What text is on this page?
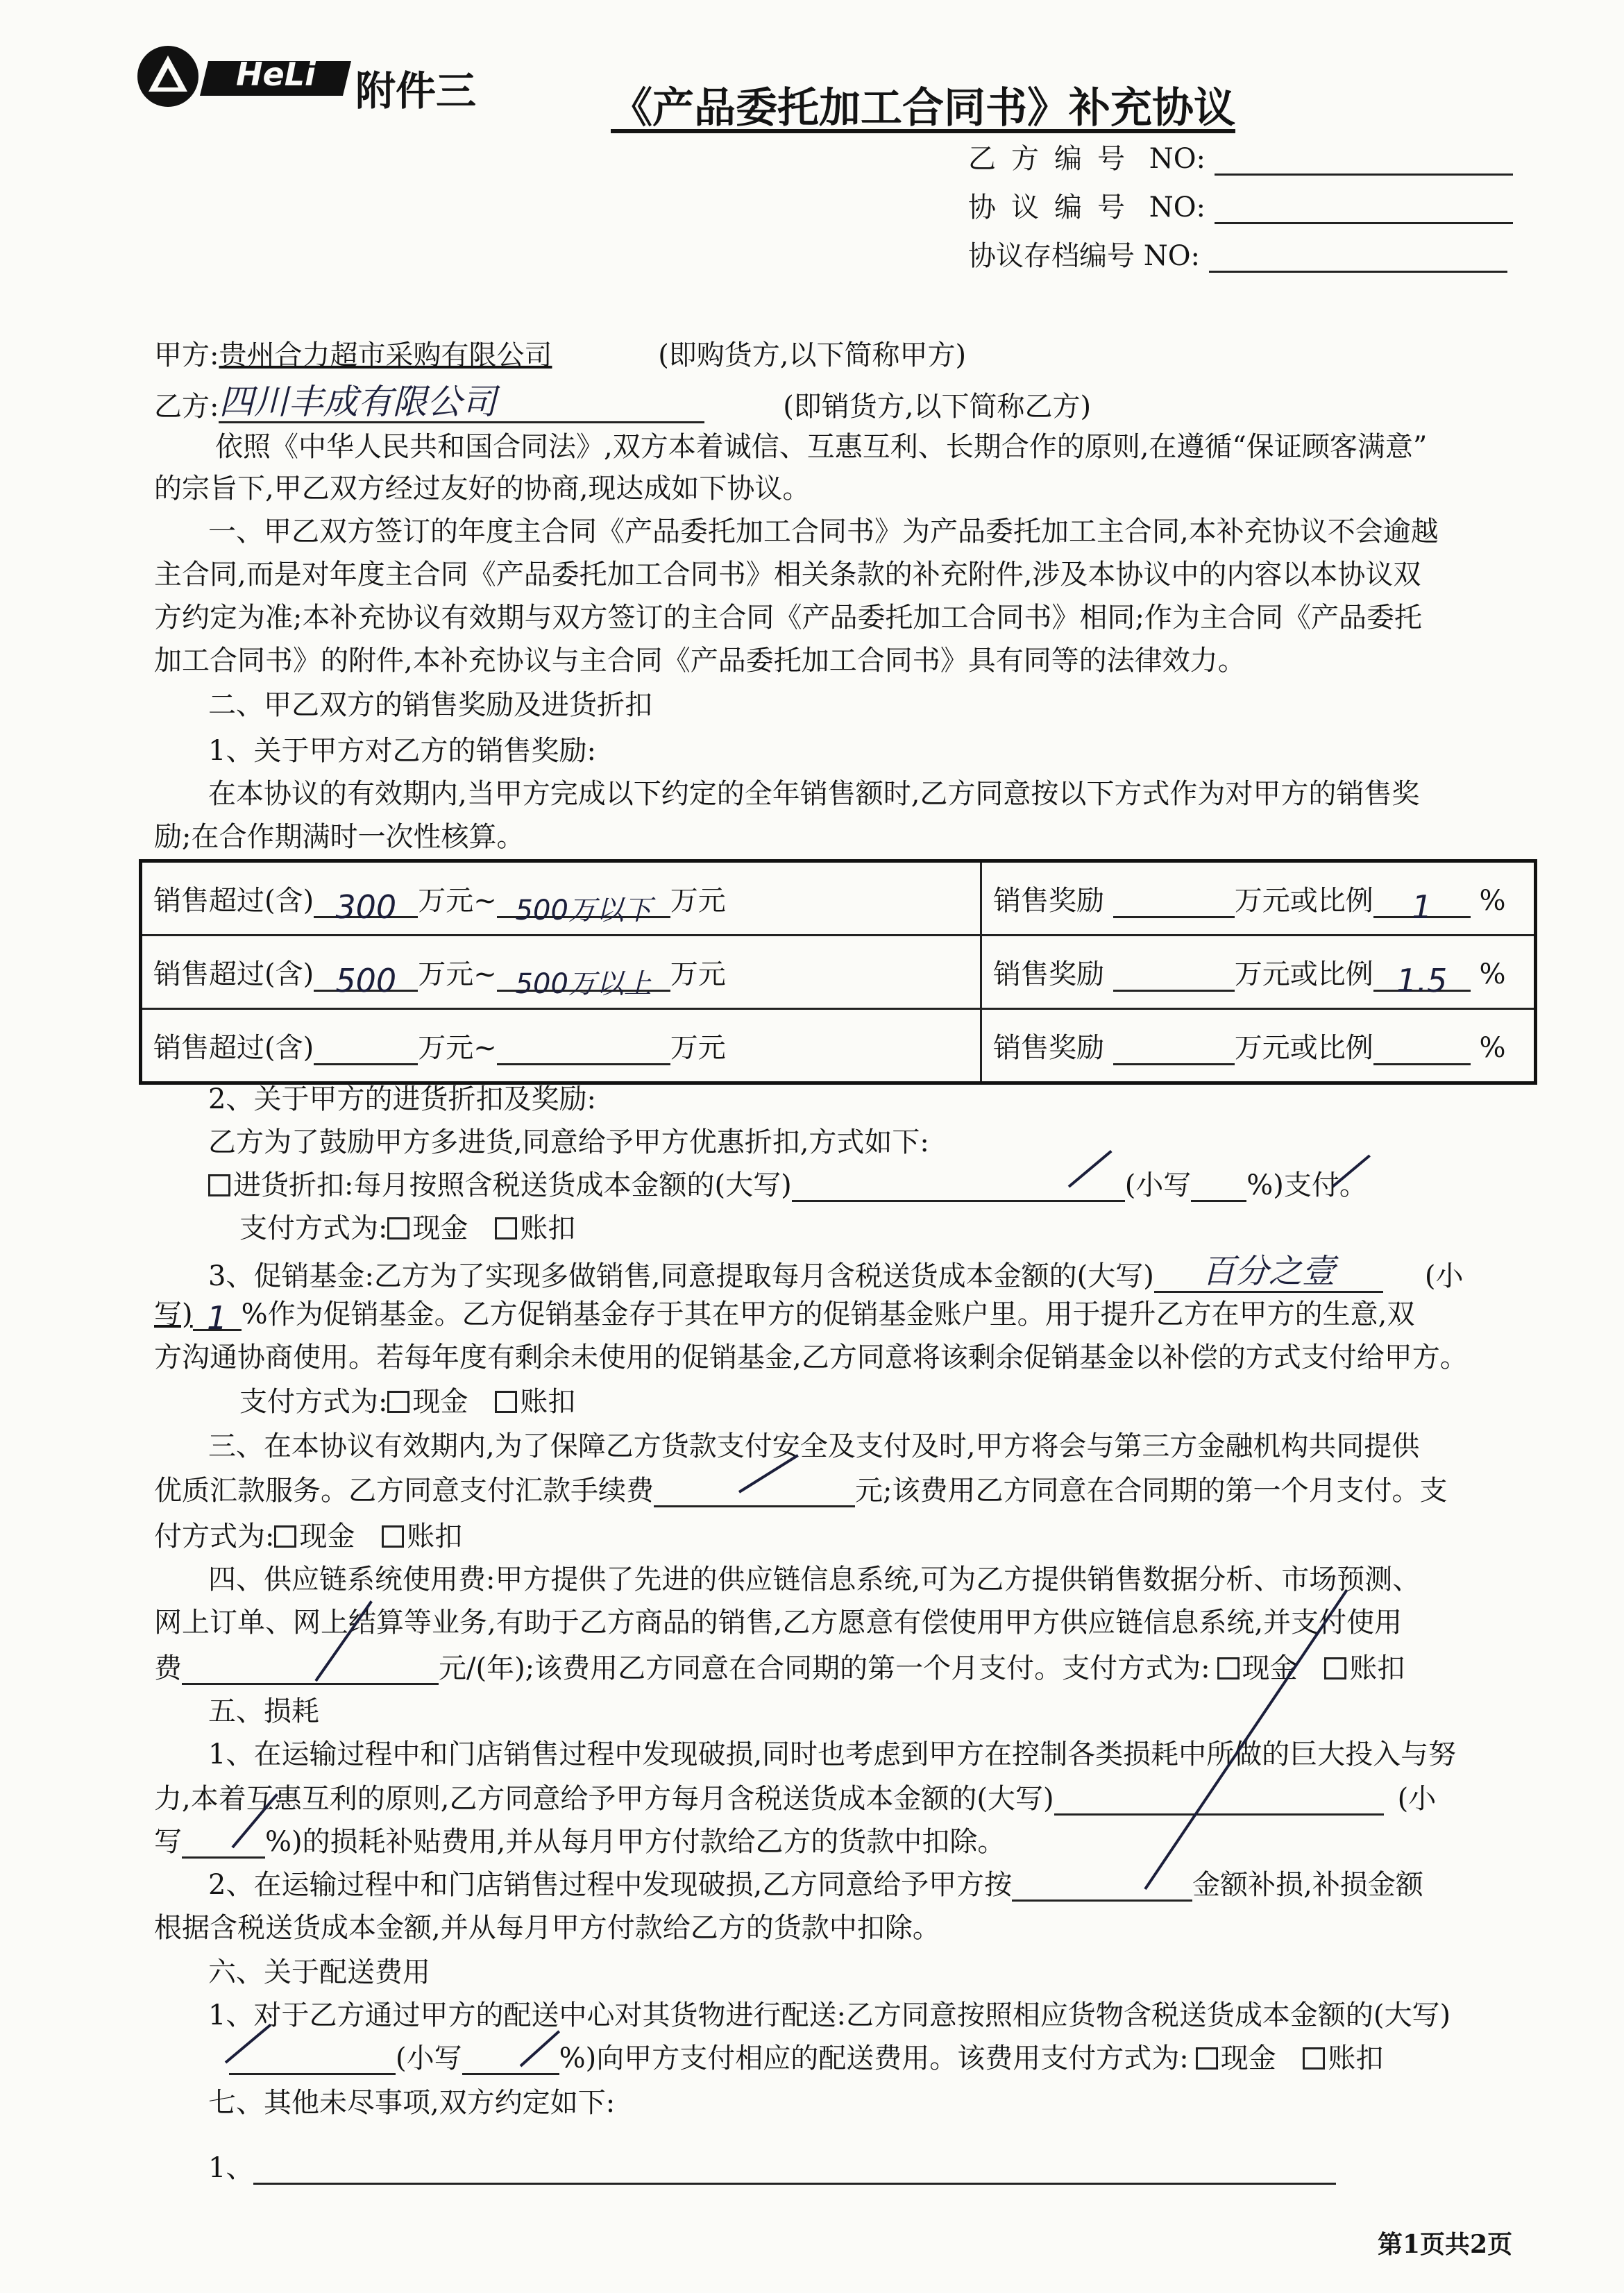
HeLi 附件三	《产品委托加工合同书》补充协议
乙方编号 NO:
协议编号 NO:
协议存档编号 NO:
甲方:贵州合力超市采购有限公司	(即购货方,以下简称甲方)
乙方:四川丰成有限公司	(即销货方,以下简称乙方)
依照《中华人民共和国合同法》,双方本着诚信、互惠互利、长期合作的原则,在遵循“保证顾客满意”
的宗旨下,甲乙双方经过友好的协商,现达成如下协议。
一、甲乙双方签订的年度主合同《产品委托加工合同书》为产品委托加工主合同,本补充协议不会逾越
主合同,而是对年度主合同《产品委托加工合同书》相关条款的补充附件,涉及本协议中的内容以本协议双
方约定为准;本补充协议有效期与双方签订的主合同《产品委托加工合同书》相同;作为主合同《产品委托
加工合同书》的附件,本补充协议与主合同《产品委托加工合同书》具有同等的法律效力。
二、甲乙双方的销售奖励及进货折扣
1、关于甲方对乙方的销售奖励:
在本协议的有效期内,当甲方完成以下约定的全年销售额时,乙方同意按以下方式作为对甲方的销售奖
励;在合作期满时一次性核算。
销售超过(含) 300 万元~ 500万以下 万元	销售奖励 万元或比例 1 %
销售超过(含) 500 万元~ 500万以上 万元	销售奖励 万元或比例 1.5 %
销售超过(含) 万元~ 万元	销售奖励 万元或比例 %
2、关于甲方的进货折扣及奖励:
乙方为了鼓励甲方多进货,同意给予甲方优惠折扣,方式如下:
进货折扣:每月按照含税送货成本金额的(大写)	(小写 %)支付。
支付方式为: 现金 账扣
3、促销基金:乙方为了实现多做销售,同意提取每月含税送货成本金额的(大写) 百分之壹	(小
写) 1 %作为促销基金。乙方促销基金存于其在甲方的促销基金账户里。用于提升乙方在甲方的生意,双
方沟通协商使用。若每年度有剩余未使用的促销基金,乙方同意将该剩余促销基金以补偿的方式支付给甲方。
支付方式为: 现金 账扣
三、在本协议有效期内,为了保障乙方货款支付安全及支付及时,甲方将会与第三方金融机构共同提供
优质汇款服务。乙方同意支付汇款手续费	元;该费用乙方同意在合同期的第一个月支付。支
付方式为: 现金 账扣
四、供应链系统使用费:甲方提供了先进的供应链信息系统,可为乙方提供销售数据分析、市场预测、
网上订单、网上结算等业务,有助于乙方商品的销售,乙方愿意有偿使用甲方供应链信息系统,并支付使用
费	元/(年);该费用乙方同意在合同期的第一个月支付。支付方式为: 现金 账扣
五、损耗
1、在运输过程中和门店销售过程中发现破损,同时也考虑到甲方在控制各类损耗中所做的巨大投入与努
力,本着互惠互利的原则,乙方同意给予甲方每月含税送货成本金额的(大写)	(小
写	%)的损耗补贴费用,并从每月甲方付款给乙方的货款中扣除。
2、在运输过程中和门店销售过程中发现破损,乙方同意给予甲方按	金额补损,补损金额
根据含税送货成本金额,并从每月甲方付款给乙方的货款中扣除。
六、关于配送费用
1、对于乙方通过甲方的配送中心对其货物进行配送:乙方同意按照相应货物含税送货成本金额的(大写)
(小写	%)向甲方支付相应的配送费用。该费用支付方式为: 现金 账扣
七、其他未尽事项,双方约定如下:
1、
第1页共2页
